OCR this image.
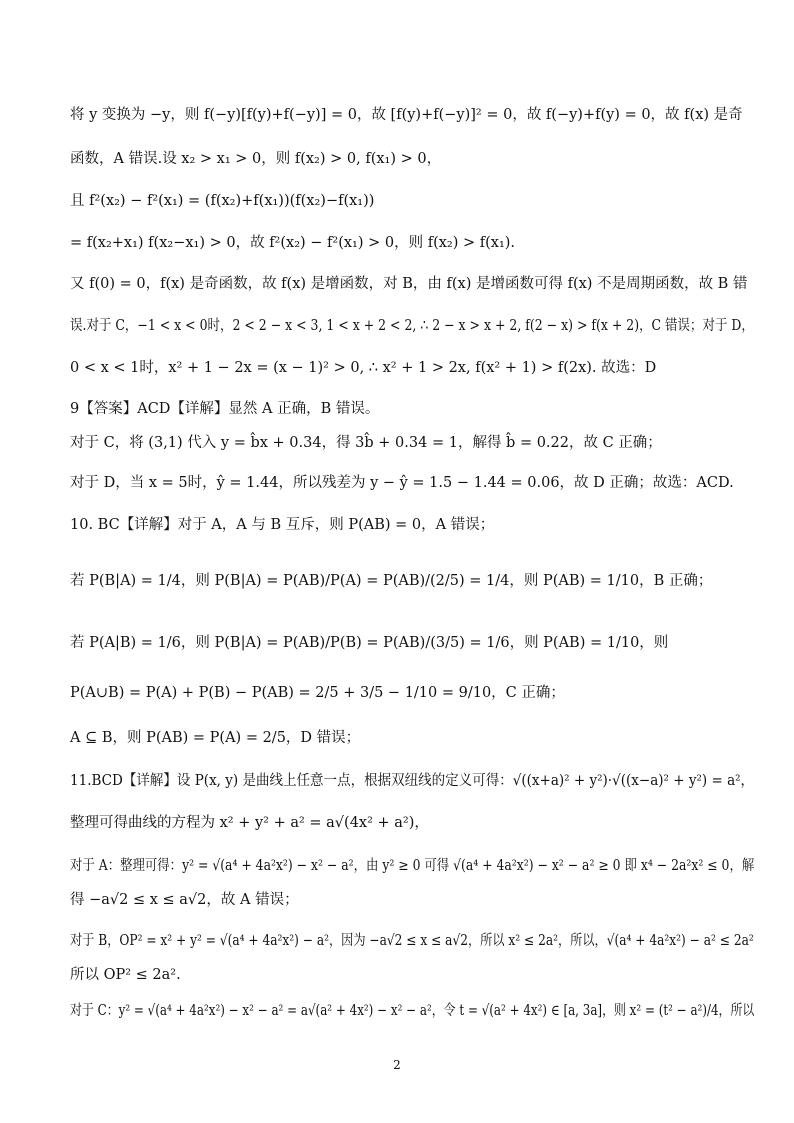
将 y 变换为 −y，则 f(−y)[f(y)+f(−y)] = 0，故 [f(y)+f(−y)]² = 0，故 f(−y)+f(y) = 0，故 f(x) 是奇
函数，A 错误.设 x₂ > x₁ > 0，则 f(x₂) > 0, f(x₁) > 0，
且 f²(x₂) − f²(x₁) = (f(x₂)+f(x₁))(f(x₂)−f(x₁))
= f(x₂+x₁) f(x₂−x₁) > 0，故 f²(x₂) − f²(x₁) > 0，则 f(x₂) > f(x₁).
又 f(0) = 0，f(x) 是奇函数，故 f(x) 是增函数，对 B，由 f(x) 是增函数可得 f(x) 不是周期函数，故 B 错
误.对于 C，−1 < x < 0时，2 < 2 − x < 3, 1 < x + 2 < 2, ∴ 2 − x > x + 2, f(2 − x) > f(x + 2)，C 错误；对于 D，
0 < x < 1时，x² + 1 − 2x = (x − 1)² > 0, ∴ x² + 1 > 2x, f(x² + 1) > f(2x). 故选：D
9【答案】ACD【详解】显然 A 正确，B 错误。
对于 C，将 (3,1) 代入 y = b̂x + 0.34，得 3b̂ + 0.34 = 1，解得 b̂ = 0.22，故 C 正确；
对于 D，当 x = 5时，ŷ = 1.44，所以残差为 y − ŷ = 1.5 − 1.44 = 0.06，故 D 正确；故选：ACD.
10. BC【详解】对于 A，A 与 B 互斥，则 P(AB) = 0，A 错误；
若 P(B|A) = 1/4，则 P(B|A) = P(AB)/P(A) = P(AB)/(2/5) = 1/4，则 P(AB) = 1/10，B 正确；
若 P(A|B) = 1/6，则 P(B|A) = P(AB)/P(B) = P(AB)/(3/5) = 1/6，则 P(AB) = 1/10，则
P(A∪B) = P(A) + P(B) − P(AB) = 2/5 + 3/5 − 1/10 = 9/10，C 正确；
A ⊆ B，则 P(AB) = P(A) = 2/5，D 错误；
11.BCD【详解】设 P(x, y) 是曲线上任意一点，根据双纽线的定义可得：√((x+a)² + y²)·√((x−a)² + y²) = a²，
整理可得曲线的方程为 x² + y² + a² = a√(4x² + a²)，
对于 A：整理可得：y² = √(a⁴ + 4a²x²) − x² − a²，由 y² ≥ 0 可得 √(a⁴ + 4a²x²) − x² − a² ≥ 0 即 x⁴ − 2a²x² ≤ 0，解
得 −a√2 ≤ x ≤ a√2，故 A 错误；
对于 B，OP² = x² + y² = √(a⁴ + 4a²x²) − a²，因为 −a√2 ≤ x ≤ a√2，所以 x² ≤ 2a²，所以，√(a⁴ + 4a²x²) − a² ≤ 2a²
所以 OP² ≤ 2a².
对于 C：y² = √(a⁴ + 4a²x²) − x² − a² = a√(a² + 4x²) − x² − a²，令 t = √(a² + 4x²) ∈ [a, 3a]，则 x² = (t² − a²)/4，所以
2
